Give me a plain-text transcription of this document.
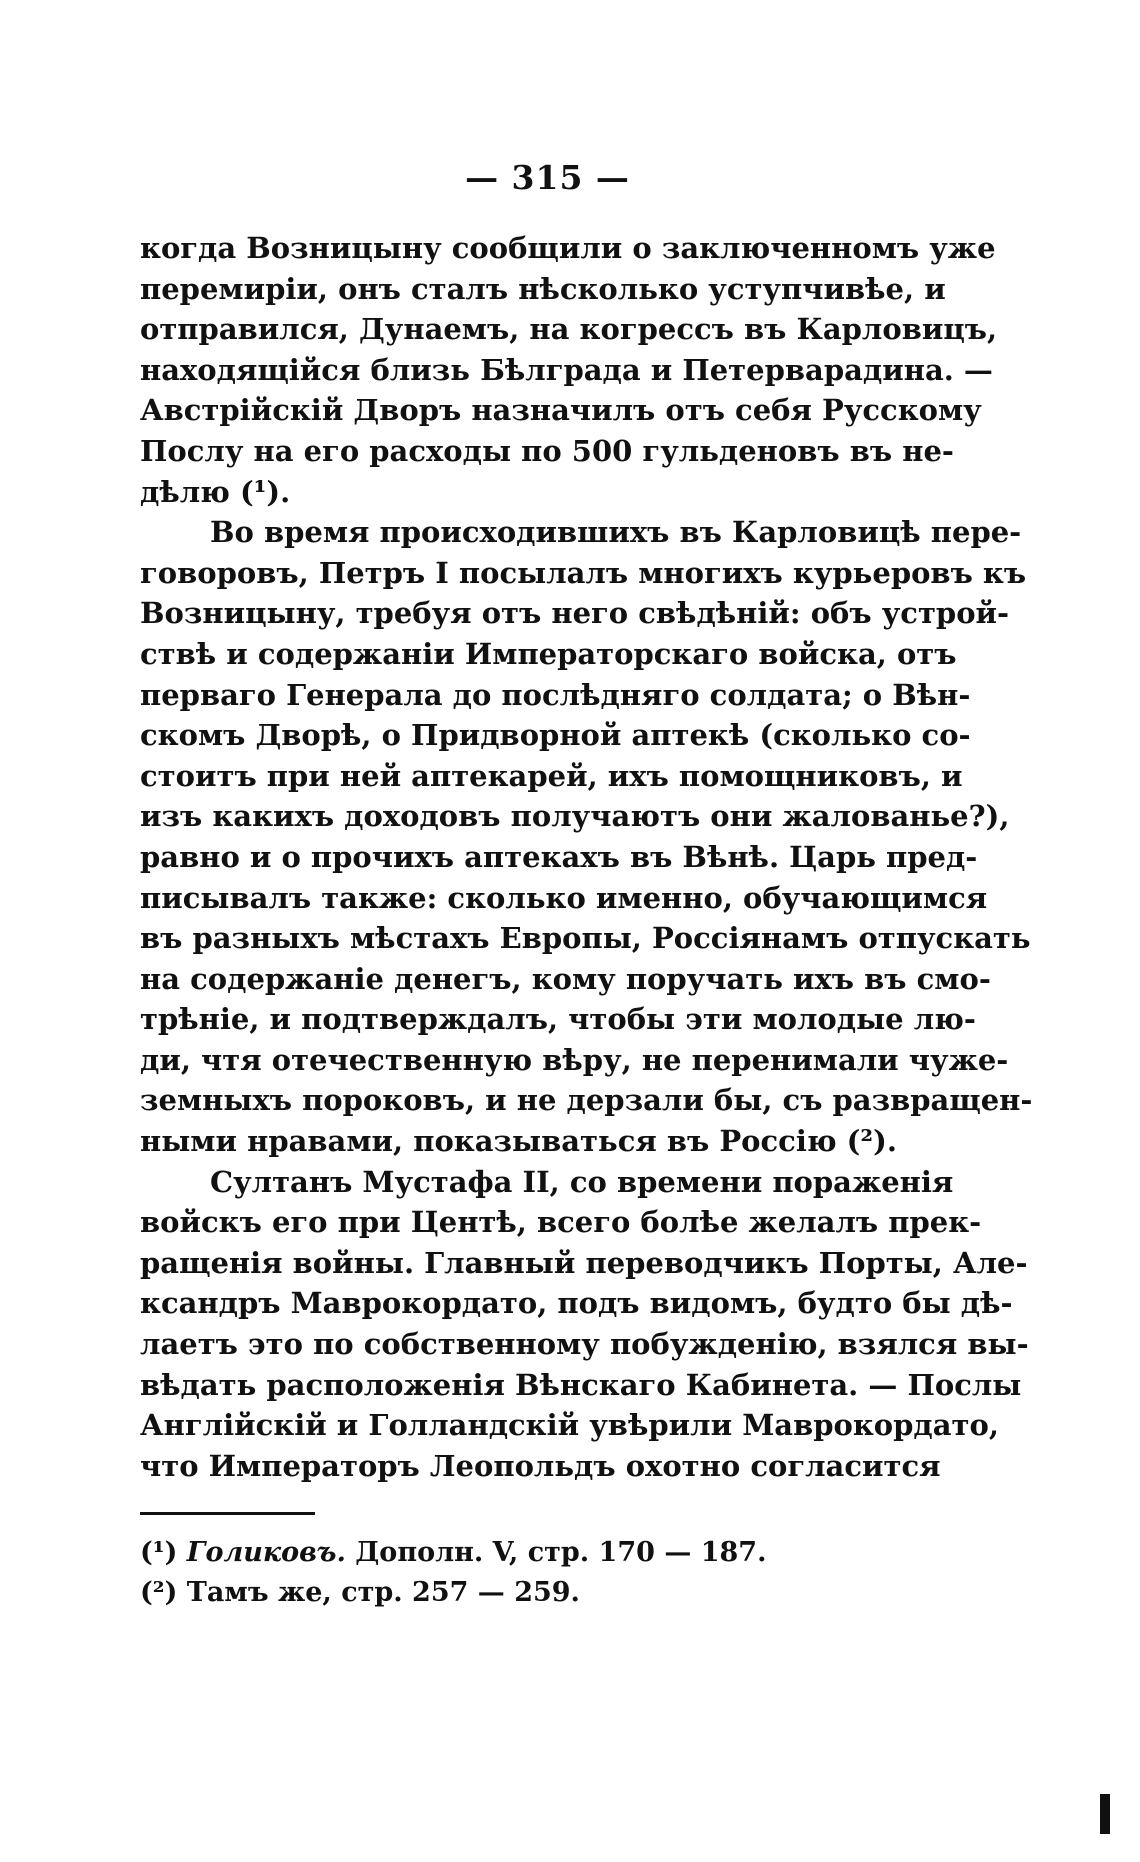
— 315 —
когда Возницыну сообщили о заключенномъ уже
перемиріи, онъ сталъ нѣсколько уступчивѣе, и
отправился, Дунаемъ, на когрессъ въ Карловицъ,
находящійся близь Бѣлграда и Петерварадина. —
Австрійскій Дворъ назначилъ отъ себя Русскому
Послу на его расходы по 500 гульденовъ въ не-
дѣлю (¹).
Во время происходившихъ въ Карловицѣ пере-
говоровъ, Петръ I посылалъ многихъ курьеровъ къ
Возницыну, требуя отъ него свѣдѣній: объ устрой-
ствѣ и содержаніи Императорскаго войска, отъ
перваго Генерала до послѣдняго солдата; о Вѣн-
скомъ Дворѣ, о Придворной аптекѣ (сколько со-
стоитъ при ней аптекарей, ихъ помощниковъ, и
изъ какихъ доходовъ получаютъ они жалованье?),
равно и о прочихъ аптекахъ въ Вѣнѣ. Царь пред-
писывалъ также: сколько именно, обучающимся
въ разныхъ мѣстахъ Европы, Россіянамъ отпускать
на содержаніе денегъ, кому поручать ихъ въ смо-
трѣніе, и подтверждалъ, чтобы эти молодые лю-
ди, чтя отечественную вѣру, не перенимали чуже-
земныхъ пороковъ, и не дерзали бы, съ развращен-
ными нравами, показываться въ Россію (²).
Султанъ Мустафа II, со времени пораженія
войскъ его при Центѣ, всего болѣе желалъ прек-
ращенія войны. Главный переводчикъ Порты, Але-
ксандръ Маврокордато, подъ видомъ, будто бы дѣ-
лаетъ это по собственному побужденію, взялся вы-
вѣдать расположенія Вѣнскаго Кабинета. — Послы
Англійскій и Голландскій увѣрили Маврокордато,
что Императоръ Леопольдъ охотно согласится
(¹) Голиковъ. Дополн. V, стр. 170 — 187.
(²) Тамъ же, стр. 257 — 259.
